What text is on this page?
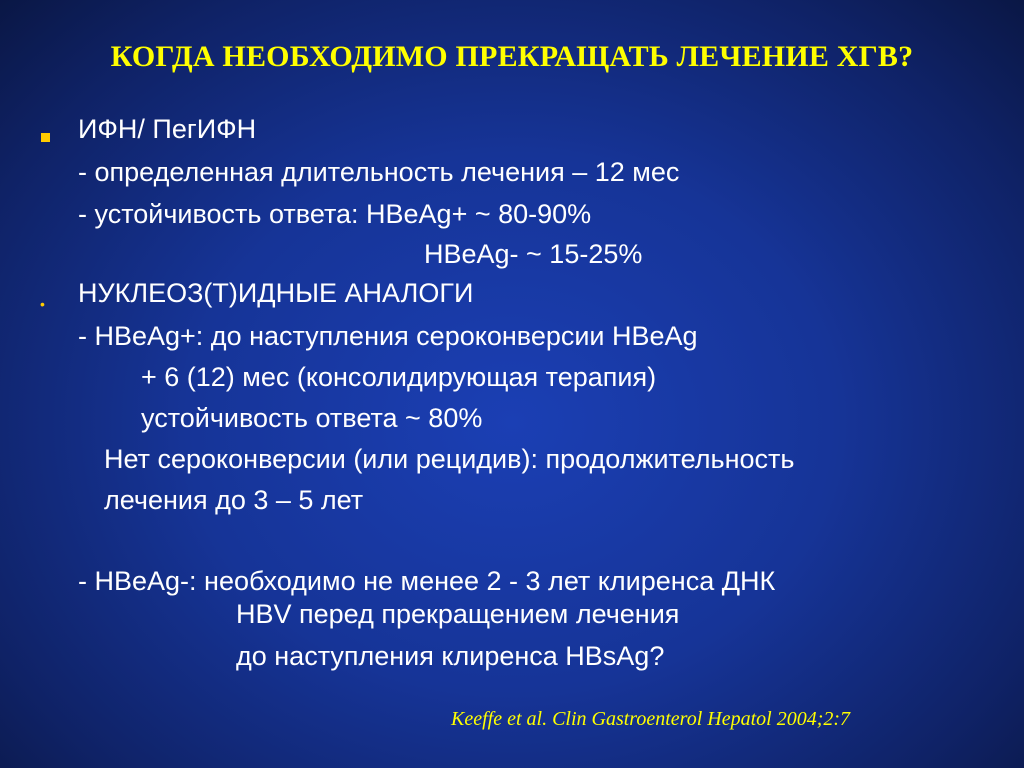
КОГДА НЕОБХОДИМО ПРЕКРАЩАТЬ ЛЕЧЕНИЕ ХГВ?
ИФН/ ПегИФН
- определенная длительность лечения – 12 мес
- устойчивость ответа: HBeAg+ ~ 80-90%
HBeAg- ~ 15-25%
• НУКЛЕОЗ(Т)ИДНЫЕ АНАЛОГИ
- HBeAg+: до наступления сероконверсии HBeAg
+ 6 (12) мес (консолидирующая терапия)
устойчивость ответа ~ 80%
Нет сероконверсии (или рецидив): продолжительность
лечения до 3 – 5 лет
- HBeAg-: необходимо не менее 2 - 3 лет клиренса ДНК
HBV перед прекращением лечения
до наступления клиренса HBsAg?
Keeffe et al. Clin Gastroenterol Hepatol 2004;2:7
